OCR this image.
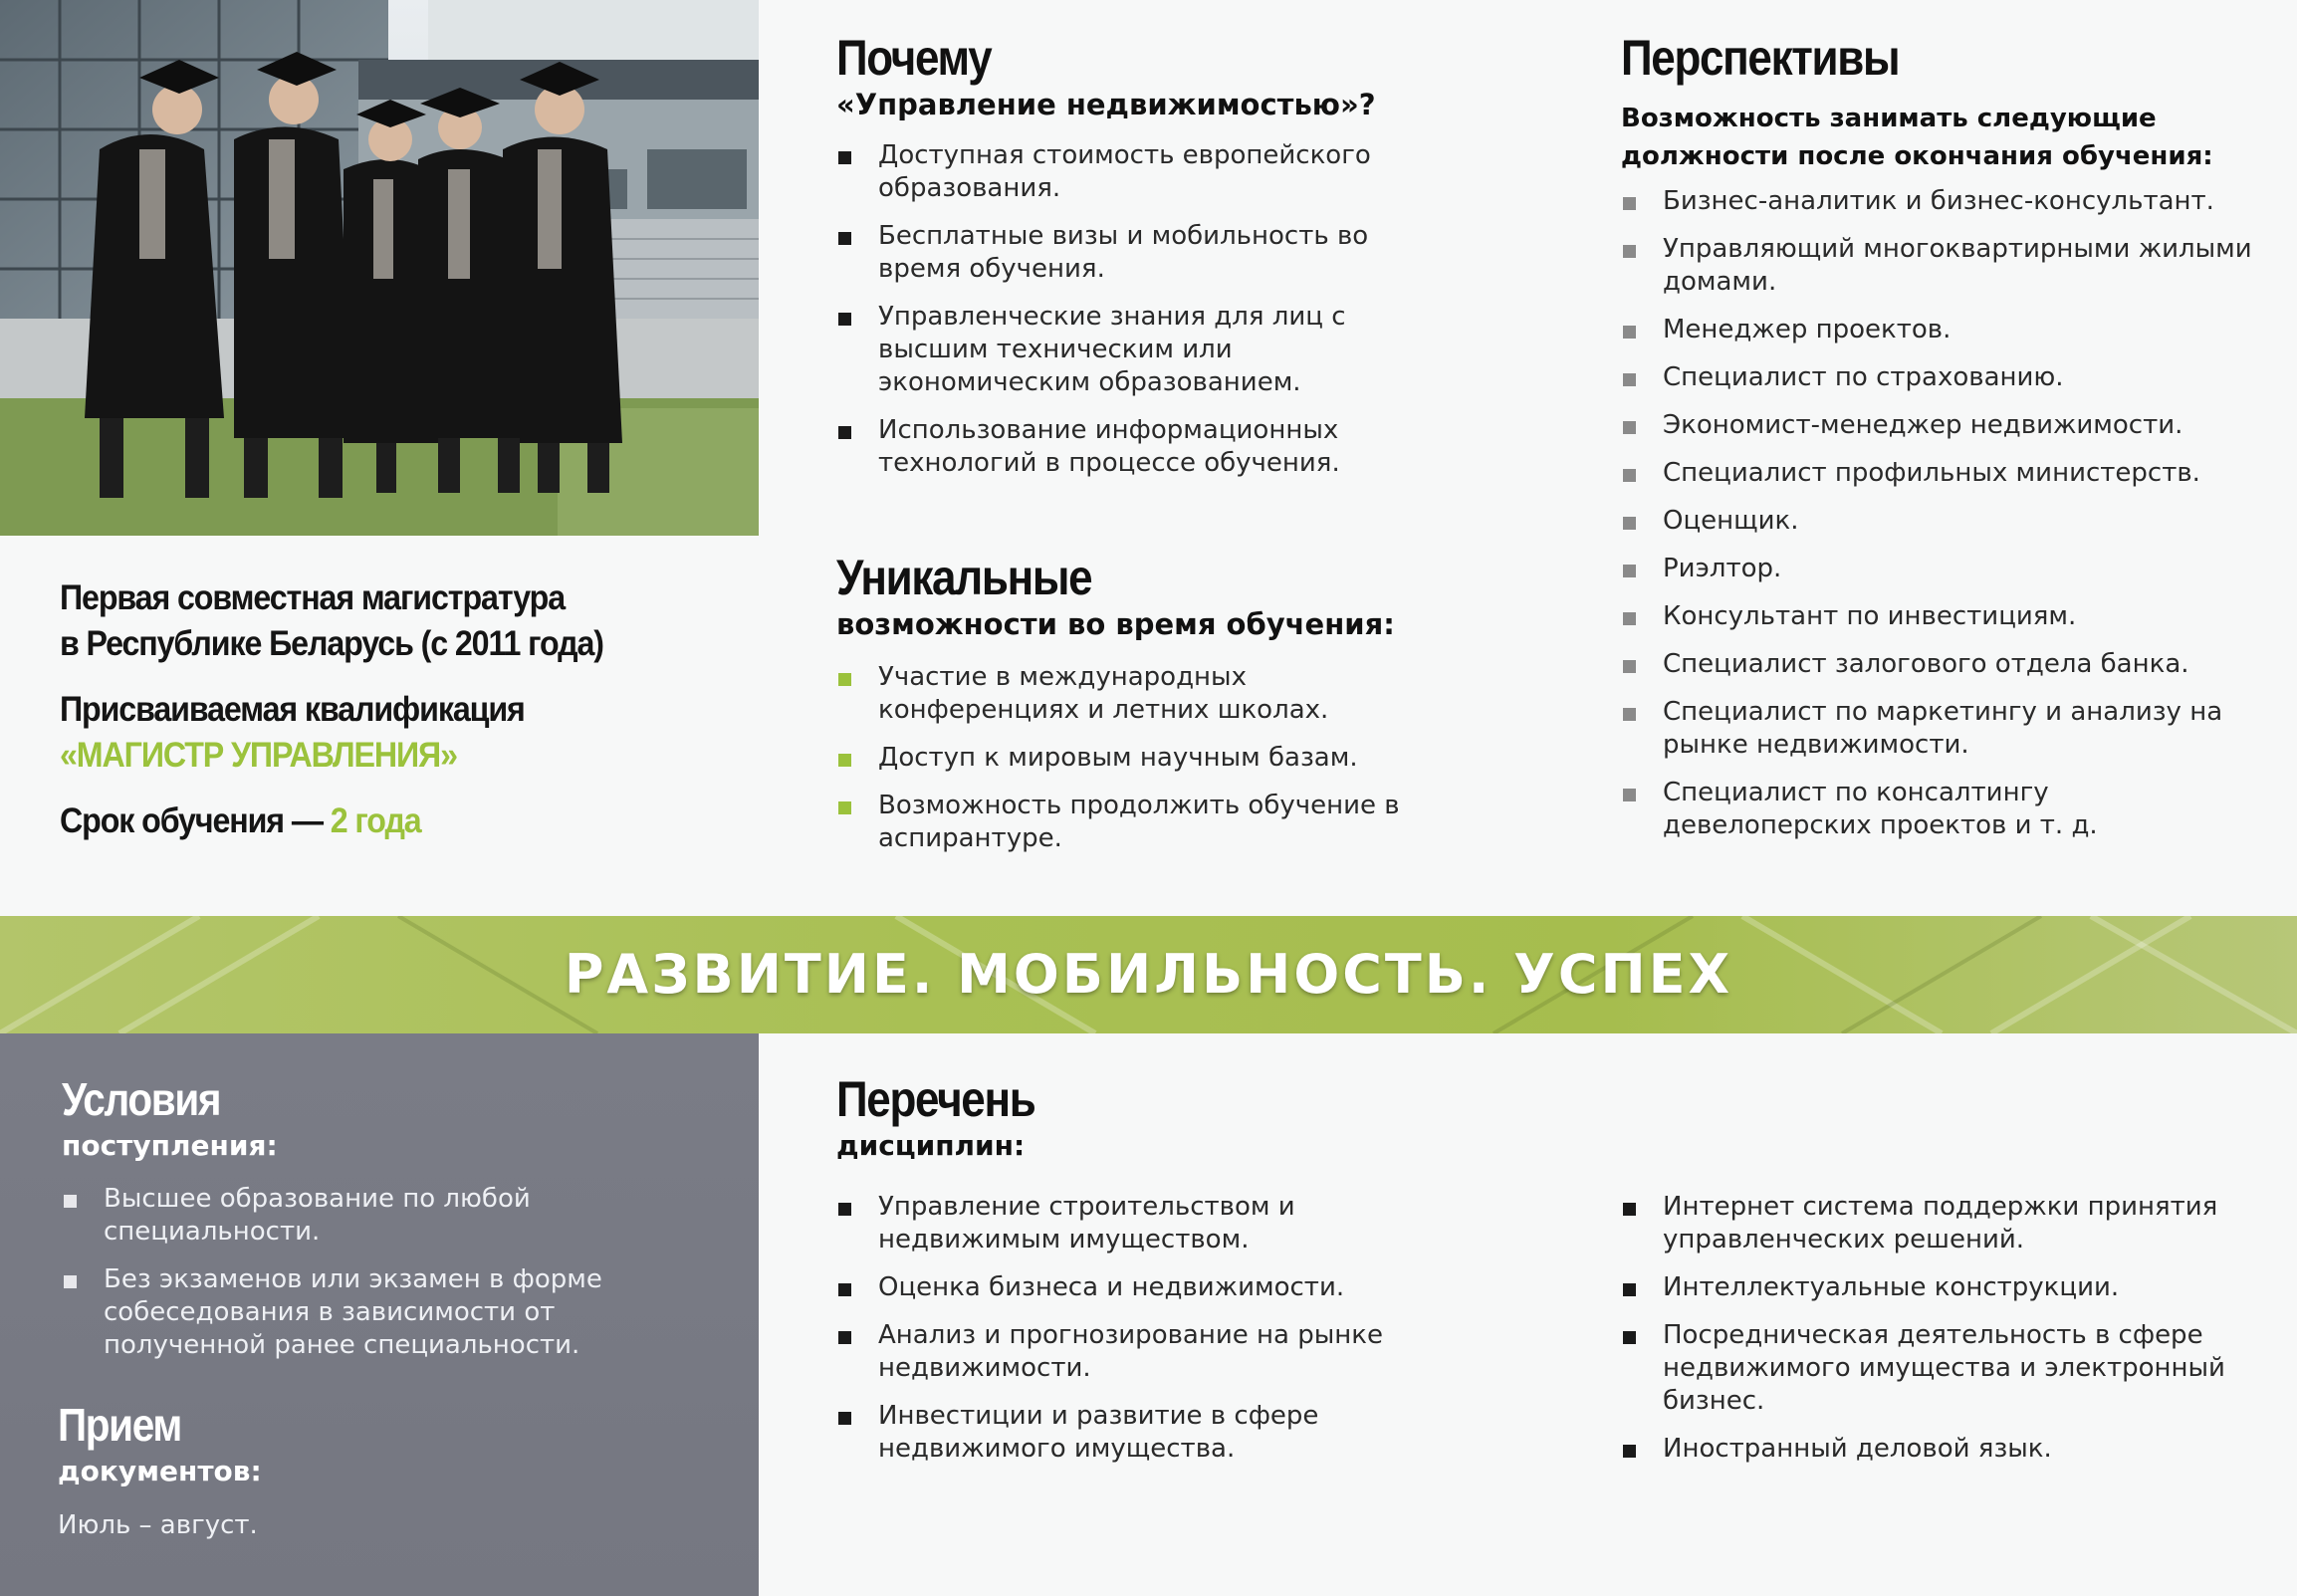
Первая совместная магистратура
в Республике Беларусь (с 2011 года)
Присваиваемая квалификация
«МАГИСТР УПРАВЛЕНИЯ»
Срок обучения — 2 года
Почему
«Управление недвижимостью»?
Доступная стоимость европейского образования.
Бесплатные визы и мобильность во время обучения.
Управленческие знания для лиц с высшим техническим или экономическим образованием.
Использование информационных технологий в процессе обучения.
Уникальные
возможности во время обучения:
Участие в международных конференциях и летних школах.
Доступ к мировым научным базам.
Возможность продолжить обучение в аспирантуре.
Перспективы
Возможность занимать следующие
должности после окончания обучения:
Бизнес-аналитик и бизнес-консультант.
Управляющий многоквартирными жилыми домами.
Менеджер проектов.
Специалист по страхованию.
Экономист-менеджер недвижимости.
Специалист профильных министерств.
Оценщик.
Риэлтор.
Консультант по инвестициям.
Специалист залогового отдела банка.
Специалист по маркетингу и анализу на рынке недвижимости.
Специалист по консалтингу девелоперских проектов и т. д.
РАЗВИТИЕ. МОБИЛЬНОСТЬ. УСПЕХ
Условия
поступления:
Высшее образование по любой специальности.
Без экзаменов или экзамен в форме собеседования в зависимости от полученной ранее специальности.
Прием
документов:
Июль – август.
Перечень
дисциплин:
Управление строительством и недвижимым имуществом.
Оценка бизнеса и недвижимости.
Анализ и прогнозирование на рынке недвижимости.
Инвестиции и развитие в сфере недвижимого имущества.
Интернет система поддержки принятия управленческих решений.
Интеллектуальные конструкции.
Посредническая деятельность в сфере недвижимого имущества и электронный бизнес.
Иностранный деловой язык.
